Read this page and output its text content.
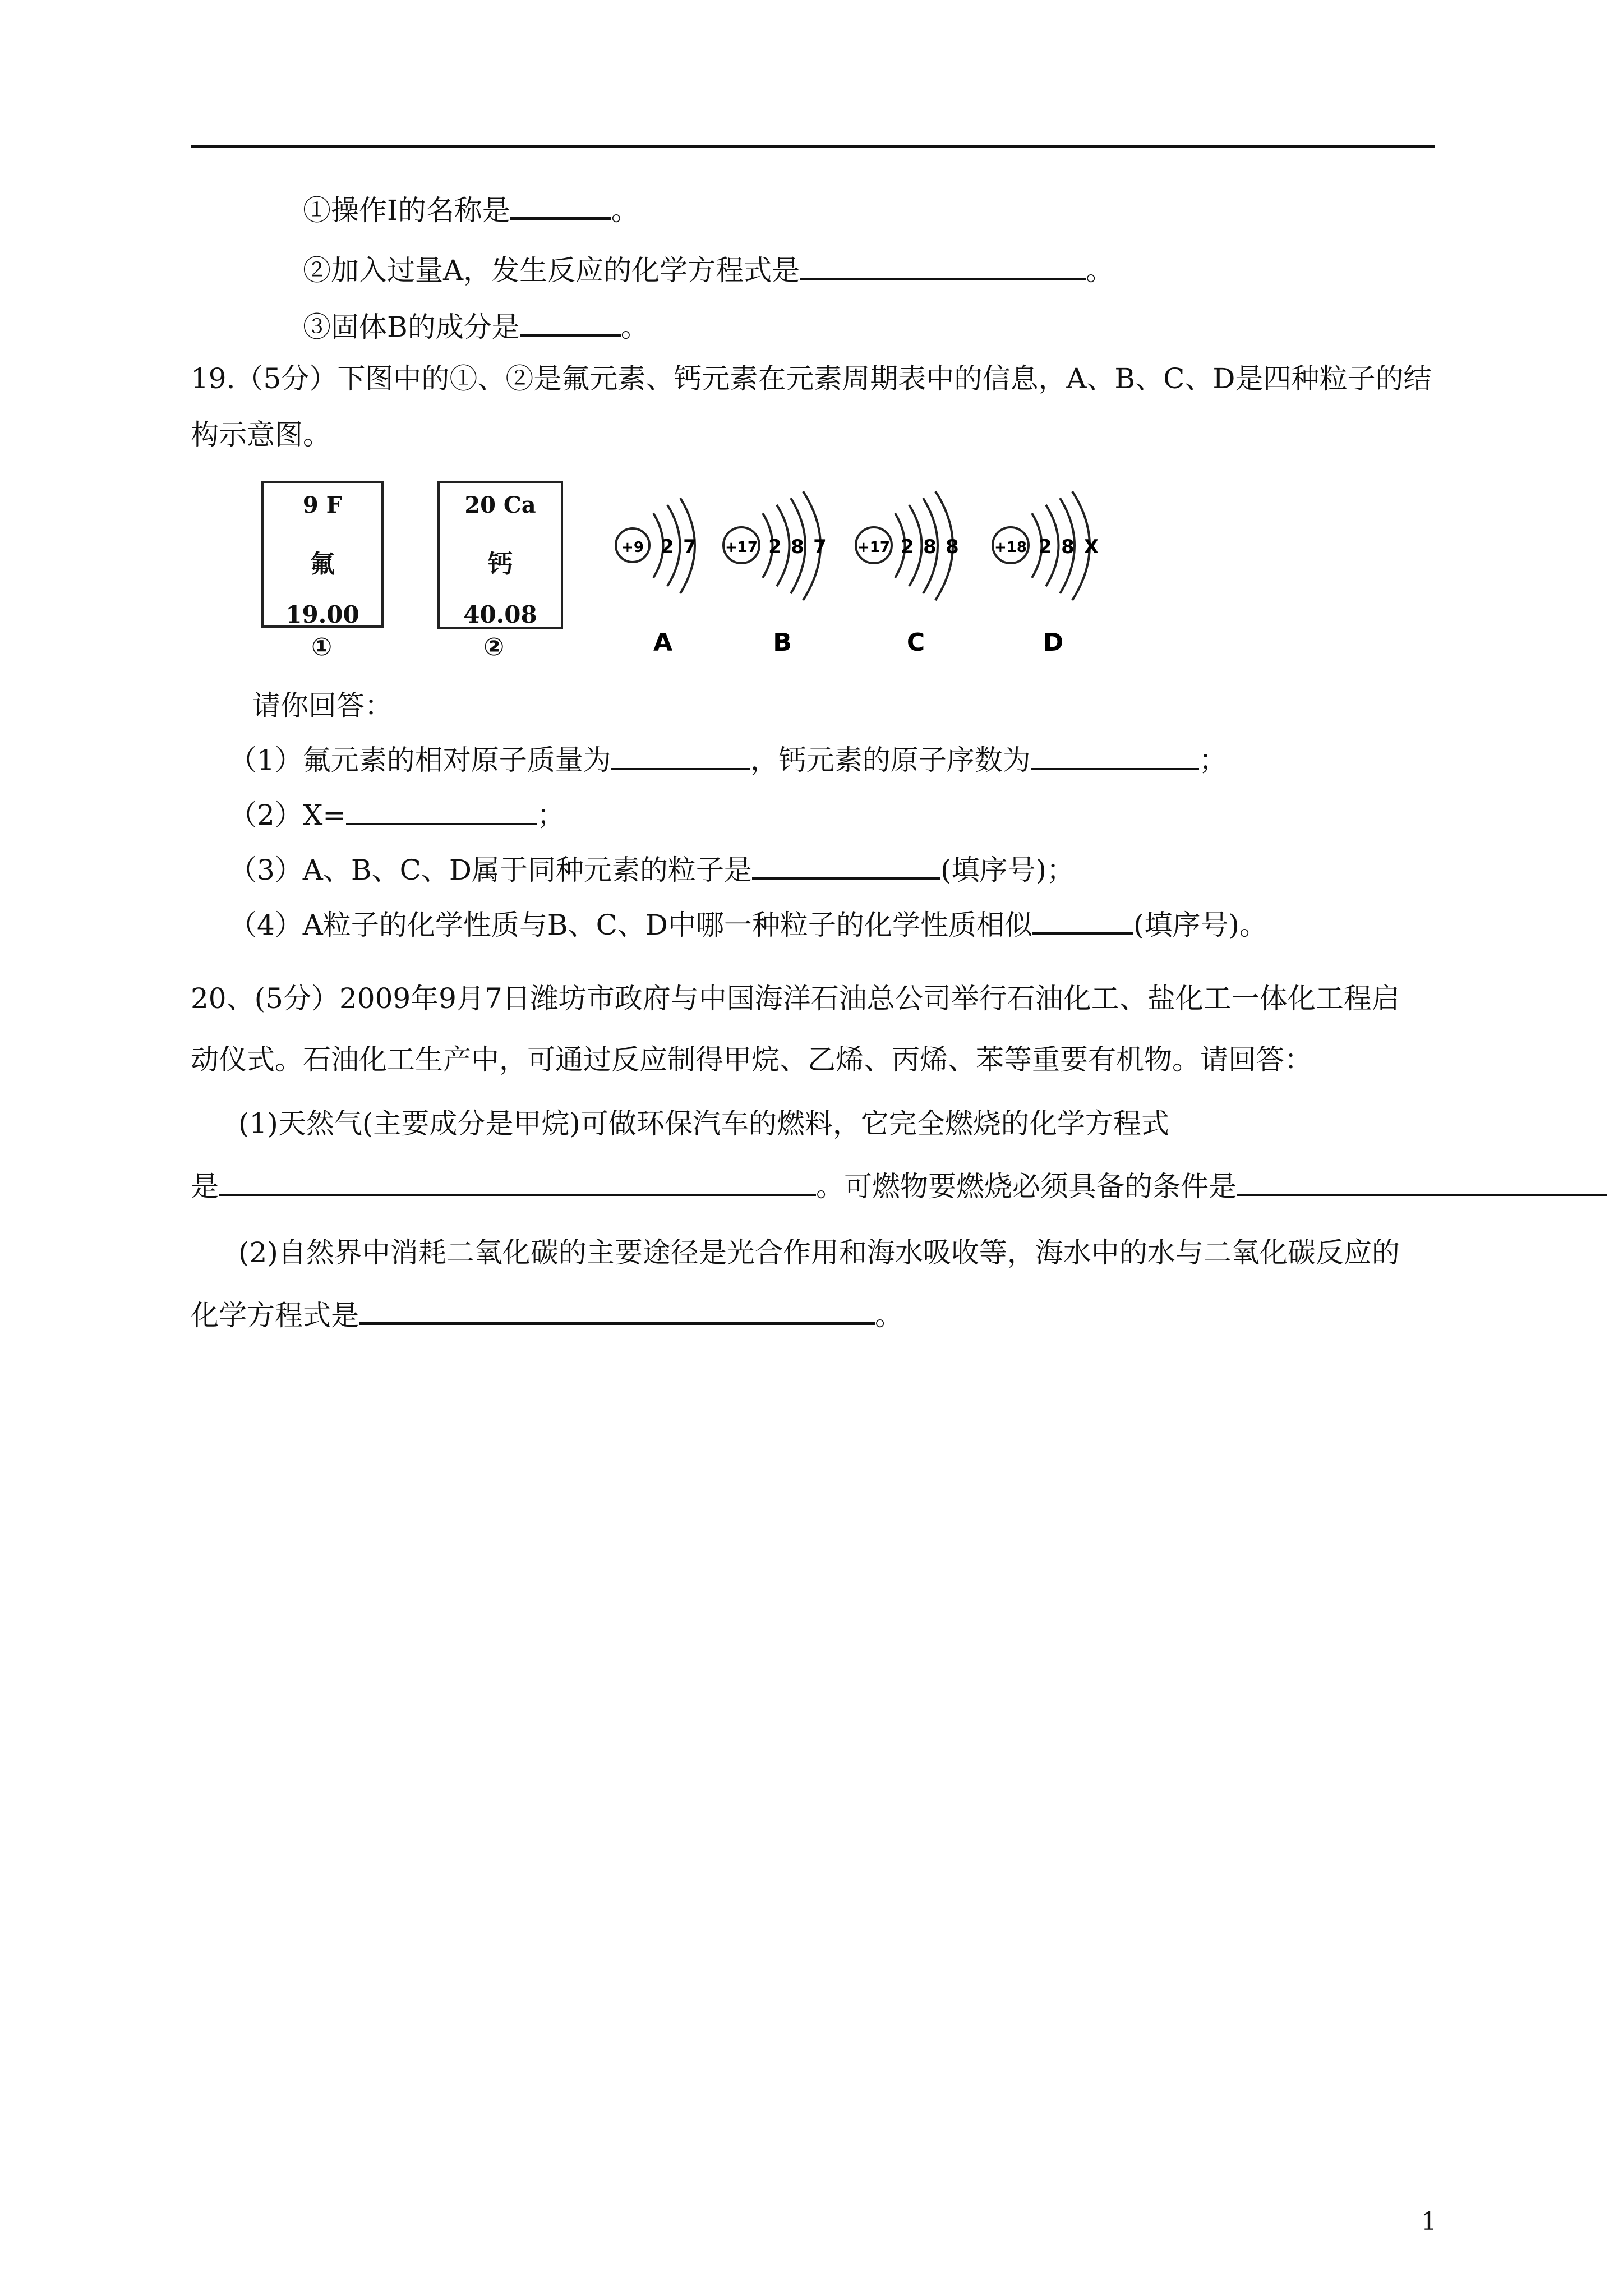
①操作Ⅰ的名称是	。
②加入过量A，发生反应的化学方程式是	。
③固体B的成分是	。
19.（5分）下图中的①、②是氟元素、钙元素在元素周期表中的信息，A、B、C、D是四种粒子的结
构示意图。
9 F
氟
19.00
①
20 Ca
钙
40.08
②
+9 2 7
A
+17 2 8 7
B
+17 2 8 8
C
+18 2 8 X
D
请你回答：
（1）氟元素的相对原子质量为	，钙元素的原子序数为	；
（2）X=	；
（3）A、B、C、D属于同种元素的粒子是	(填序号)；
（4）A粒子的化学性质与B、C、D中哪一种粒子的化学性质相似	(填序号)。
20、(5分）2009年9月7日潍坊市政府与中国海洋石油总公司举行石油化工、盐化工一体化工程启
动仪式。石油化工生产中，可通过反应制得甲烷、乙烯、丙烯、苯等重要有机物。请回答：
(1)天然气(主要成分是甲烷)可做环保汽车的燃料，它完全燃烧的化学方程式
是	。可燃物要燃烧必须具备的条件是
(2)自然界中消耗二氧化碳的主要途径是光合作用和海水吸收等，海水中的水与二氧化碳反应的
化学方程式是	。
1
